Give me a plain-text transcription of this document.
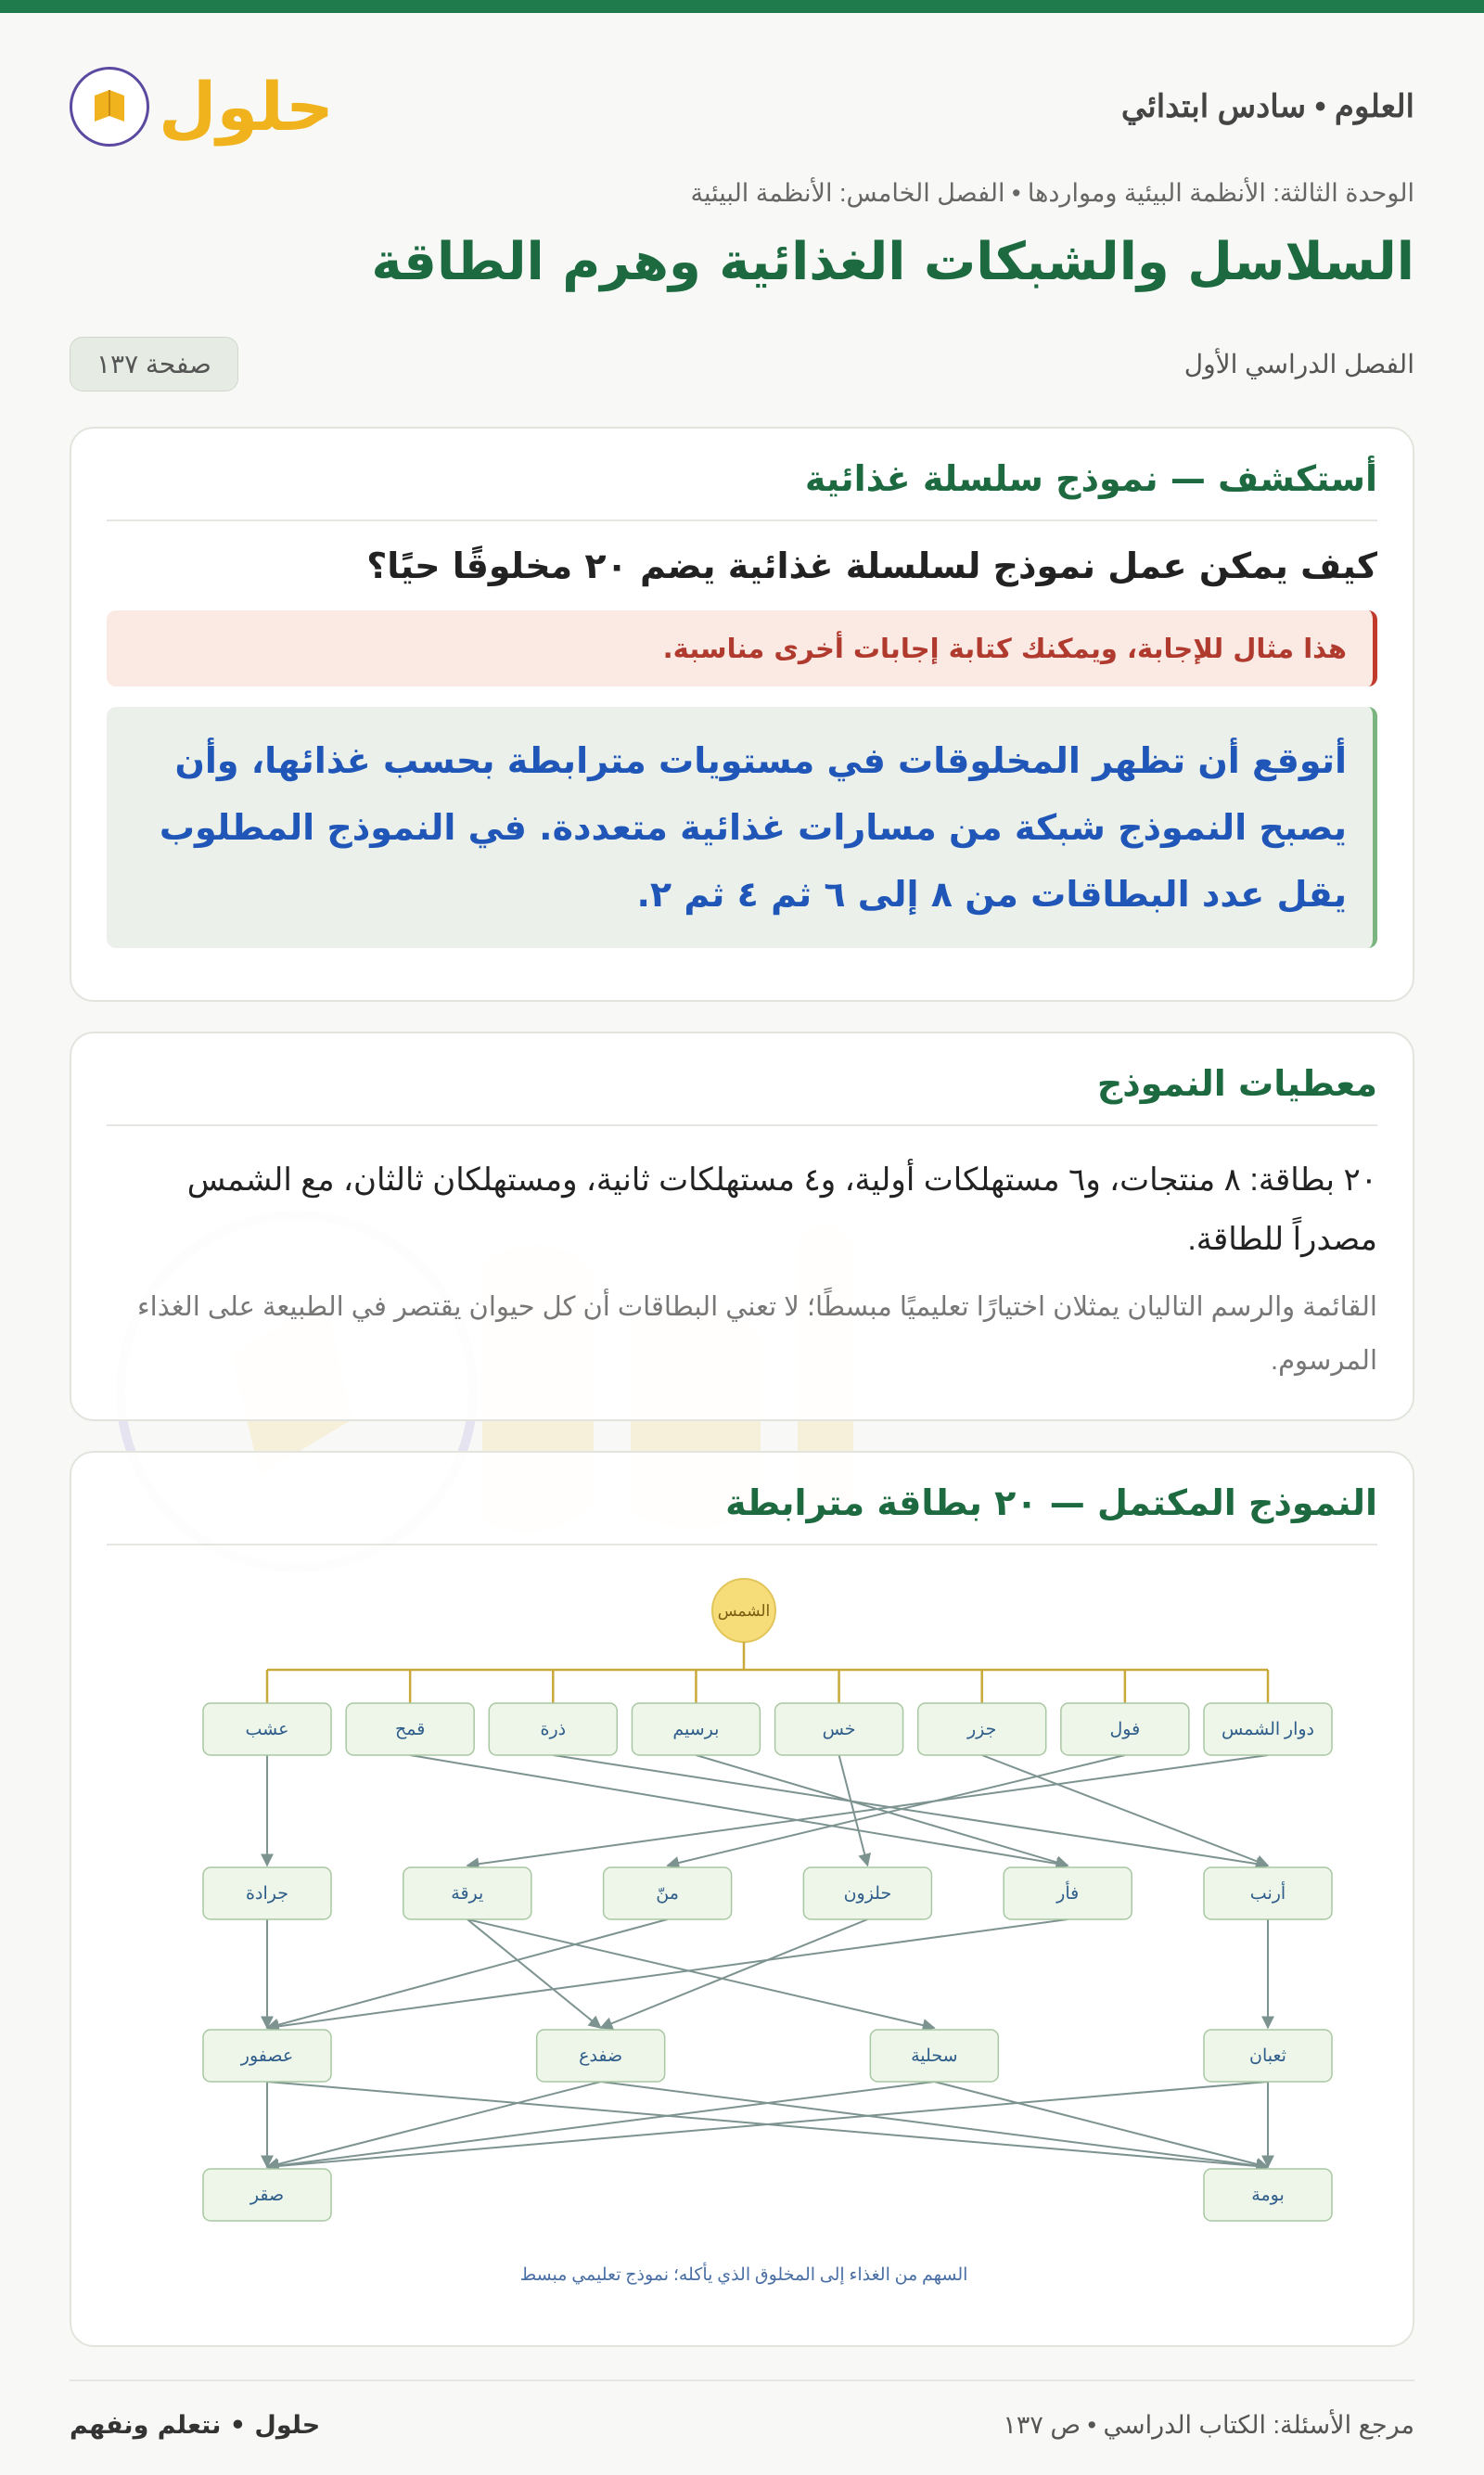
العلوم • سادس ابتدائي
حلول
الوحدة الثالثة: الأنظمة البيئية ومواردها • الفصل الخامس: الأنظمة البيئية
السلاسل والشبكات الغذائية وهرم الطاقة
الفصل الدراسي الأول
صفحة ١٣٧
أستكشف — نموذج سلسلة غذائية
كيف يمكن عمل نموذج لسلسلة غذائية يضم ٢٠ مخلوقًا حيًا؟
هذا مثال للإجابة، ويمكنك كتابة إجابات أخرى مناسبة.
أتوقع أن تظهر المخلوقات في مستويات مترابطة بحسب غذائها، وأن يصبح النموذج شبكة من مسارات غذائية متعددة. في النموذج المطلوب يقل عدد البطاقات من ٨ إلى ٦ ثم ٤ ثم ٢.
معطيات النموذج
٢٠ بطاقة: ٨ منتجات، و٦ مستهلكات أولية، و٤ مستهلكات ثانية، ومستهلكان ثالثان، مع الشمس مصدراً للطاقة.
القائمة والرسم التاليان يمثلان اختيارًا تعليميًا مبسطًا؛ لا تعني البطاقات أن كل حيوان يقتصر في الطبيعة على الغذاء المرسوم.
النموذج المكتمل — ٢٠ بطاقة مترابطة
الشمس
دوار الشمس
فول
جزر
خس
برسيم
ذرة
قمح
عشب
أرنب
فأر
حلزون
منّ
يرقة
جرادة
ثعبان
سحلية
ضفدع
عصفور
بومة
صقر
السهم من الغذاء إلى المخلوق الذي يأكله؛ نموذج تعليمي مبسط
مرجع الأسئلة: الكتاب الدراسي • ص ١٣٧
حلول • نتعلم ونفهم
